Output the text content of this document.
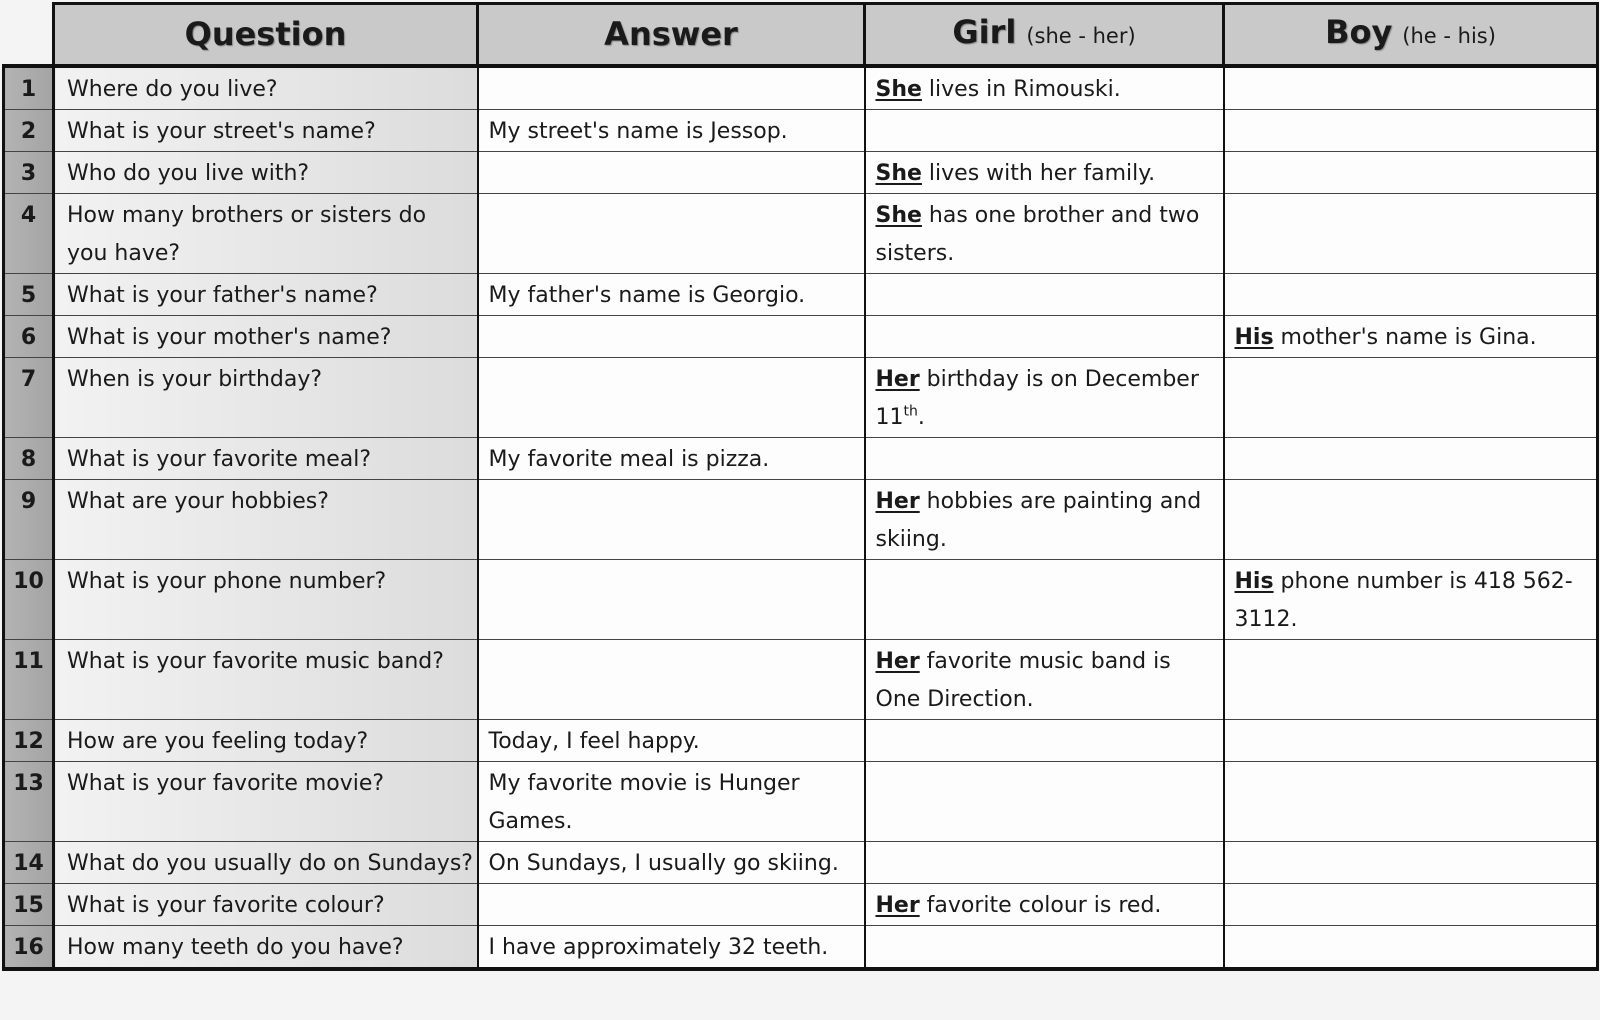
	Question	Answer	Girl (she - her)	Boy (he - his)
1	Where do you live?		She lives in Rimouski.	
2	What is your street's name?	My street's name is Jessop.		
3	Who do you live with?		She lives with her family.	
4	How many brothers or sisters do
you have?		She has one brother and two sisters.	
5	What is your father's name?	My father's name is Georgio.		
6	What is your mother's name?			His mother's name is Gina.
7	When is your birthday?		Her birthday is on December 11th.	
8	What is your favorite meal?	My favorite meal is pizza.		
9	What are your hobbies?		Her hobbies are painting and skiing.	
10	What is your phone number?			His phone number is 418 562-3112.
11	What is your favorite music band?		Her favorite music band is One Direction.	
12	How are you feeling today?	Today, I feel happy.		
13	What is your favorite movie?	My favorite movie is Hunger Games.		
14	What do you usually do on Sundays?	On Sundays, I usually go skiing.		
15	What is your favorite colour?		Her favorite colour is red.	
16	How many teeth do you have?	I have approximately 32 teeth.		
